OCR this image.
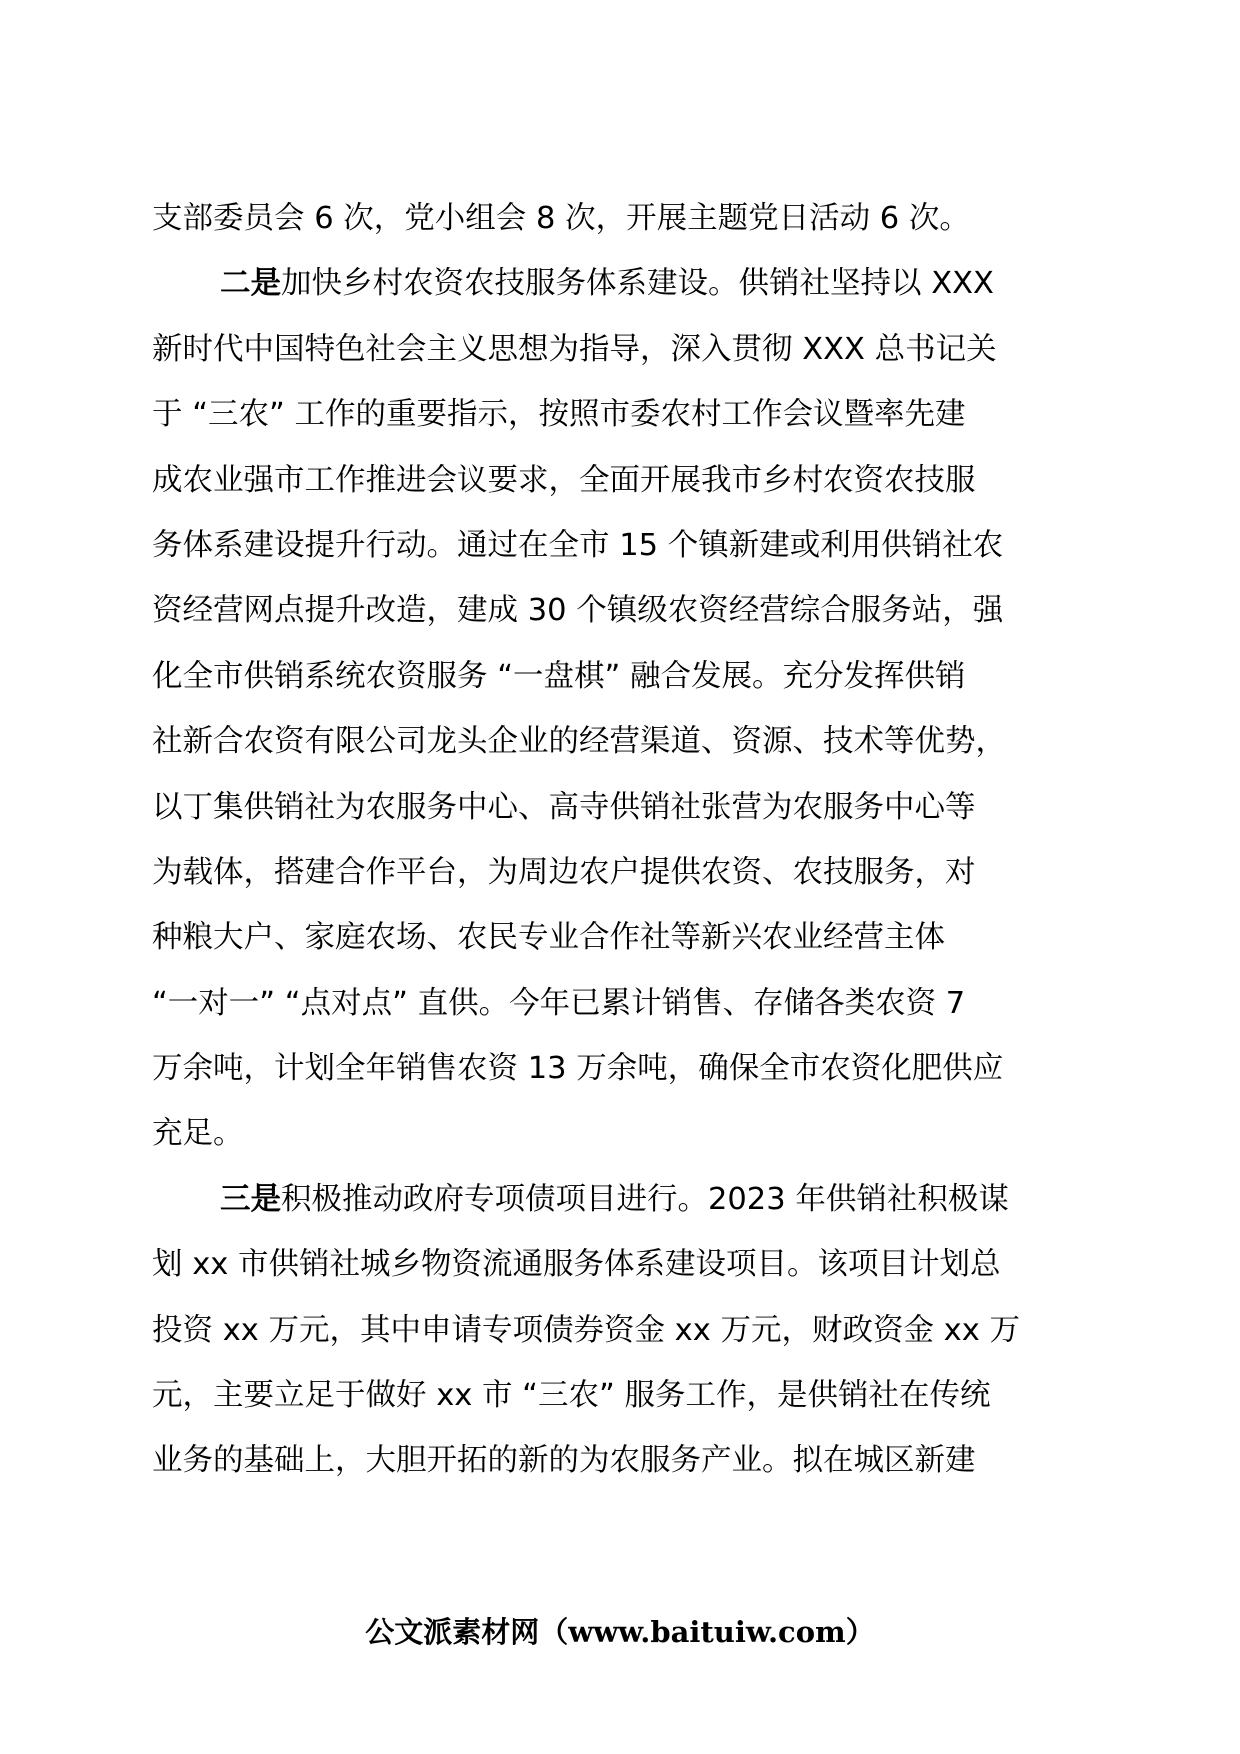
支部委员会 6 次，党小组会 8 次，开展主题党日活动 6 次。
二是加快乡村农资农技服务体系建设。供销社坚持以 XXX
新时代中国特色社会主义思想为指导，深入贯彻 XXX 总书记关
于 “三农” 工作的重要指示，按照市委农村工作会议暨率先建
成农业强市工作推进会议要求，全面开展我市乡村农资农技服
务体系建设提升行动。通过在全市 15 个镇新建或利用供销社农
资经营网点提升改造，建成 30 个镇级农资经营综合服务站，强
化全市供销系统农资服务 “一盘棋” 融合发展。充分发挥供销
社新合农资有限公司龙头企业的经营渠道、资源、技术等优势，
以丁集供销社为农服务中心、高寺供销社张营为农服务中心等
为载体，搭建合作平台，为周边农户提供农资、农技服务，对
种粮大户、家庭农场、农民专业合作社等新兴农业经营主体
“一对一” “点对点” 直供。今年已累计销售、存储各类农资 7
万余吨，计划全年销售农资 13 万余吨，确保全市农资化肥供应
充足。
三是积极推动政府专项债项目进行。2023 年供销社积极谋
划 xx 市供销社城乡物资流通服务体系建设项目。该项目计划总
投资 xx 万元，其中申请专项债券资金 xx 万元，财政资金 xx 万
元，主要立足于做好 xx 市 “三农” 服务工作，是供销社在传统
业务的基础上，大胆开拓的新的为农服务产业。拟在城区新建
公文派素材网（www.baituiw.com）
